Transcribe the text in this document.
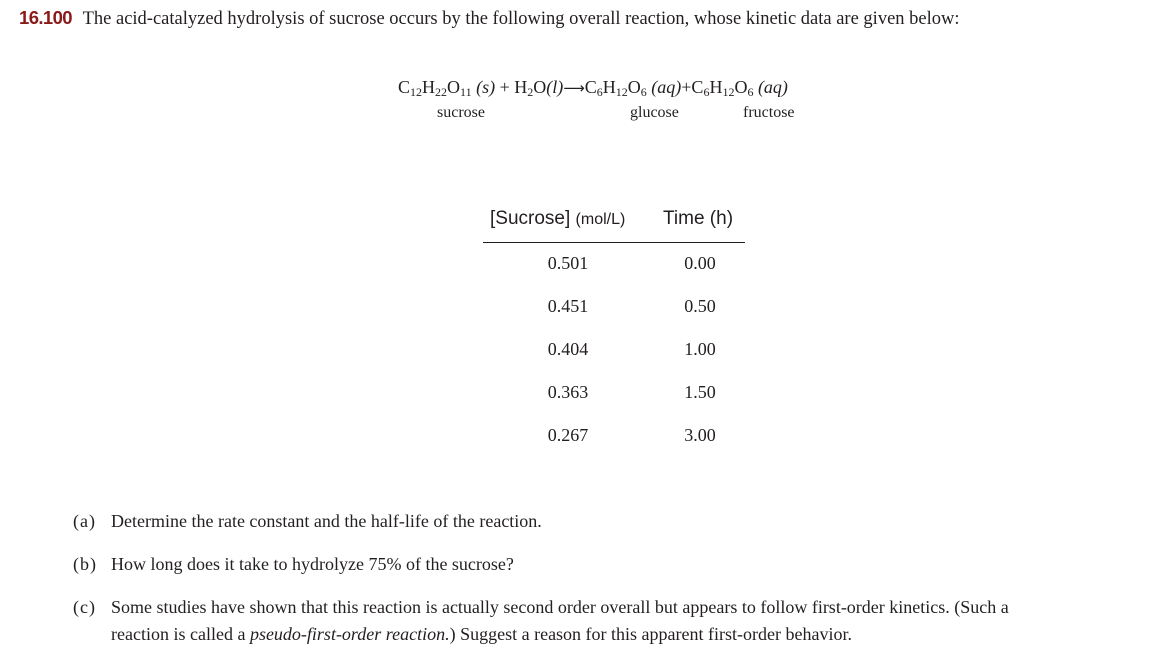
16.100 The acid-catalyzed hydrolysis of sucrose occurs by the following overall reaction, whose kinetic data are given below:
$C_{12}H_{22}O_{11}$ $(s) + H_2O(l)⟶C_6H_{12}O_6$ $(aq)+C_6H_{12}O_6$ (aq)
sucrose	glucose	fructose
[Sucrose] (mol/L) Time (h)
0.501	0.00
0.451	0.50
0.404	1.00
0.363	1.50
0.267	3.00
(a) Determine the rate constant and the half-life of the reaction.
(b) How long does it take to hydrolyze 75% of the sucrose?
(c) Some studies have shown that this reaction is actually second order overall but appears to follow first-order kinetics. (Such a
reaction is called a pseudo-first-order reaction.) Suggest a reason for this apparent first-order behavior.
